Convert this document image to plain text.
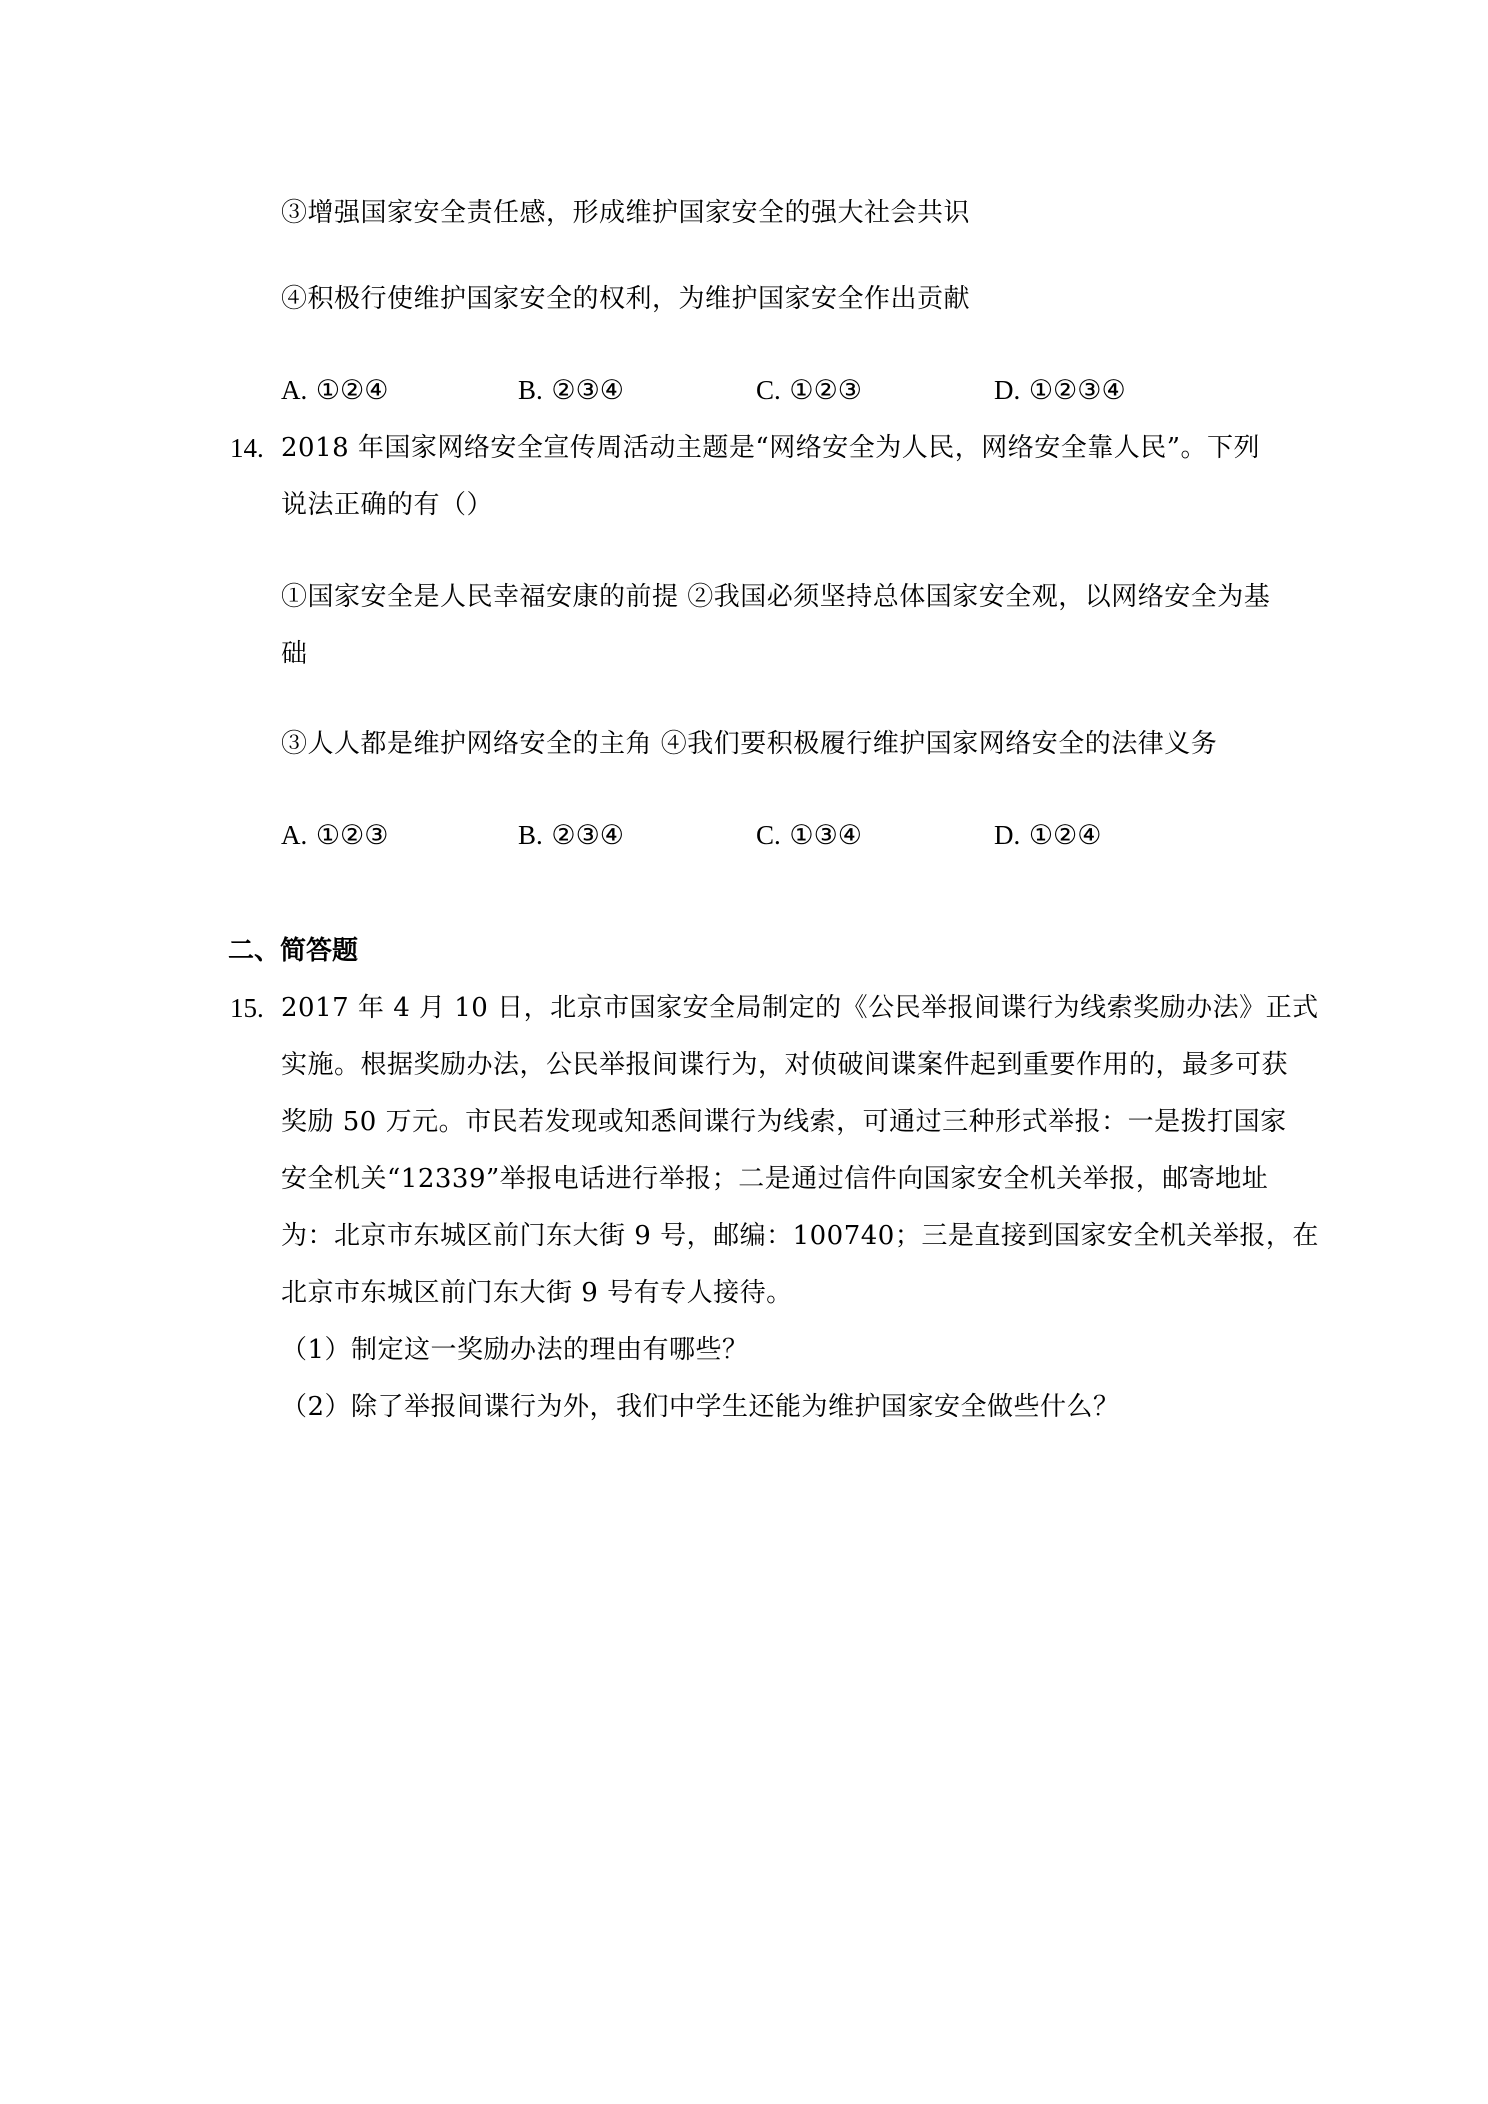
③增强国家安全责任感，形成维护国家安全的强大社会共识
④积极行使维护国家安全的权利，为维护国家安全作出贡献
A. ①②④	B. ②③④	C. ①②③	D. ①②③④
14. 2018 年国家网络安全宣传周活动主题是“网络安全为人民，网络安全靠人民”。下列
说法正确的有（）
①国家安全是人民幸福安康的前提 ②我国必须坚持总体国家安全观，以网络安全为基
础
③人人都是维护网络安全的主角 ④我们要积极履行维护国家网络安全的法律义务
A. ①②③	B. ②③④	C. ①③④	D. ①②④
二、简答题
15. 2017 年 4 月 10 日，北京市国家安全局制定的《公民举报间谍行为线索奖励办法》正式
实施。根据奖励办法，公民举报间谍行为，对侦破间谍案件起到重要作用的，最多可获
奖励 50 万元。市民若发现或知悉间谍行为线索，可通过三种形式举报：一是拨打国家
安全机关“12339”举报电话进行举报；二是通过信件向国家安全机关举报，邮寄地址
为：北京市东城区前门东大街 9 号，邮编：100740；三是直接到国家安全机关举报，在
北京市东城区前门东大街 9 号有专人接待。
（1）制定这一奖励办法的理由有哪些？
（2）除了举报间谍行为外，我们中学生还能为维护国家安全做些什么？
